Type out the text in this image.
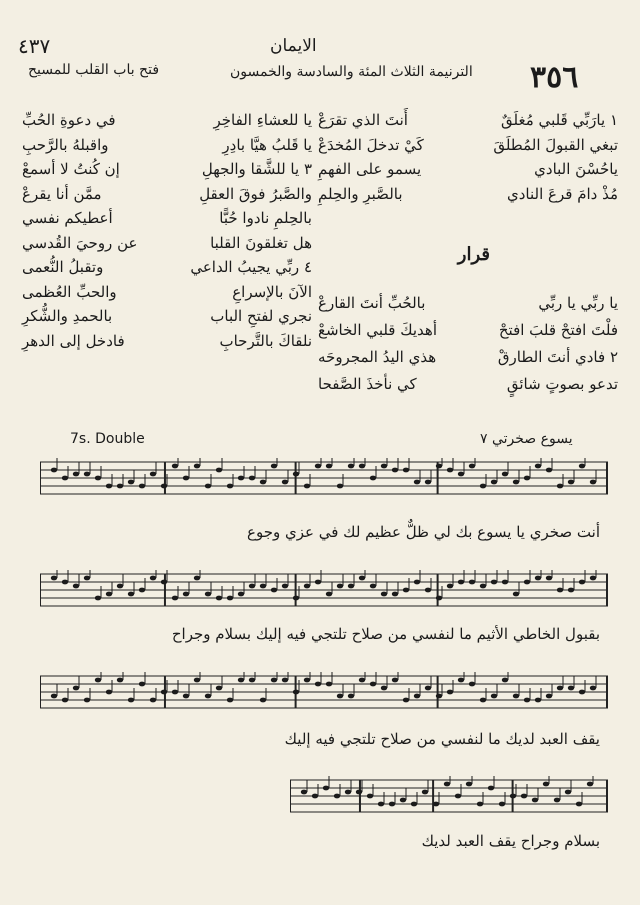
٤٣٧	الايمان
الترنيمة الثلاث المئة والسادسة والخمسون
فتح باب القلب للمسيح	٣٥٦
١ يارَبِّي قَلبي مُغلَقٌ
أَنتَ الذي تقرَعْ
تبغي القبولَ المُطلَقَ
كَيْ تدخلَ المُخدَعْ
ياحُسْنَ البادي
يسمو على الفهمِ
مُذْ دامَ قرعَ النادي
بالصَّبرِ والحِلمِ
قرار
يا ربِّي يا ربِّي
بالحُبِّ أنتَ القارعْ
فلْتَ افتحْ قلبَ افتحْ
أهديكَ قلبي الخاشعْ
٢ فادي أنتَ الطارقْ
هذي اليدُ المجروحَه
تدعو بصوتٍ شائقٍ
كي نأخذَ الصَّفحا
يا للعشاءِ الفاخِرِ
في دعوةِ الحُبِّ
يا قَلبُ هيَّا بادِرِ
واقبلهُ بالرَّحبِ
٣ يا للشَّقا والجهلِ
إن كُنتُ لا أسمعْ
والصَّبرُ فوقَ العقلِ
ممَّن أنا يقرعْ
بالحِلمِ نادوا حُبًّا
أعطيكم نفسي
هل تغلقونَ القلبا
عن روحيَ القُدسي
٤ ربِّي يجيبُ الداعي
وتقبلُ النُّعمى
الآنَ بالإسراعِ
والحبِّ العُظمى
نجري لفتحِ الباب
بالحمدِ والشُّكرِ
نلقاكَ بالتَّرحابِ
فادخل إلى الدهرِ
7s. Double	يسوع صخرتي ٧
أنت صخري يا يسوع بك لي ظلٌّ عظيم لك في عزي وجوع
بقبول الخاطي الأثيم ما لنفسي من صلاح تلتجي فيه إليك بسلام وجراح
يقف العبد لديك ما لنفسي من صلاح تلتجي فيه إليك
بسلام وجراح يقف العبد لديك
